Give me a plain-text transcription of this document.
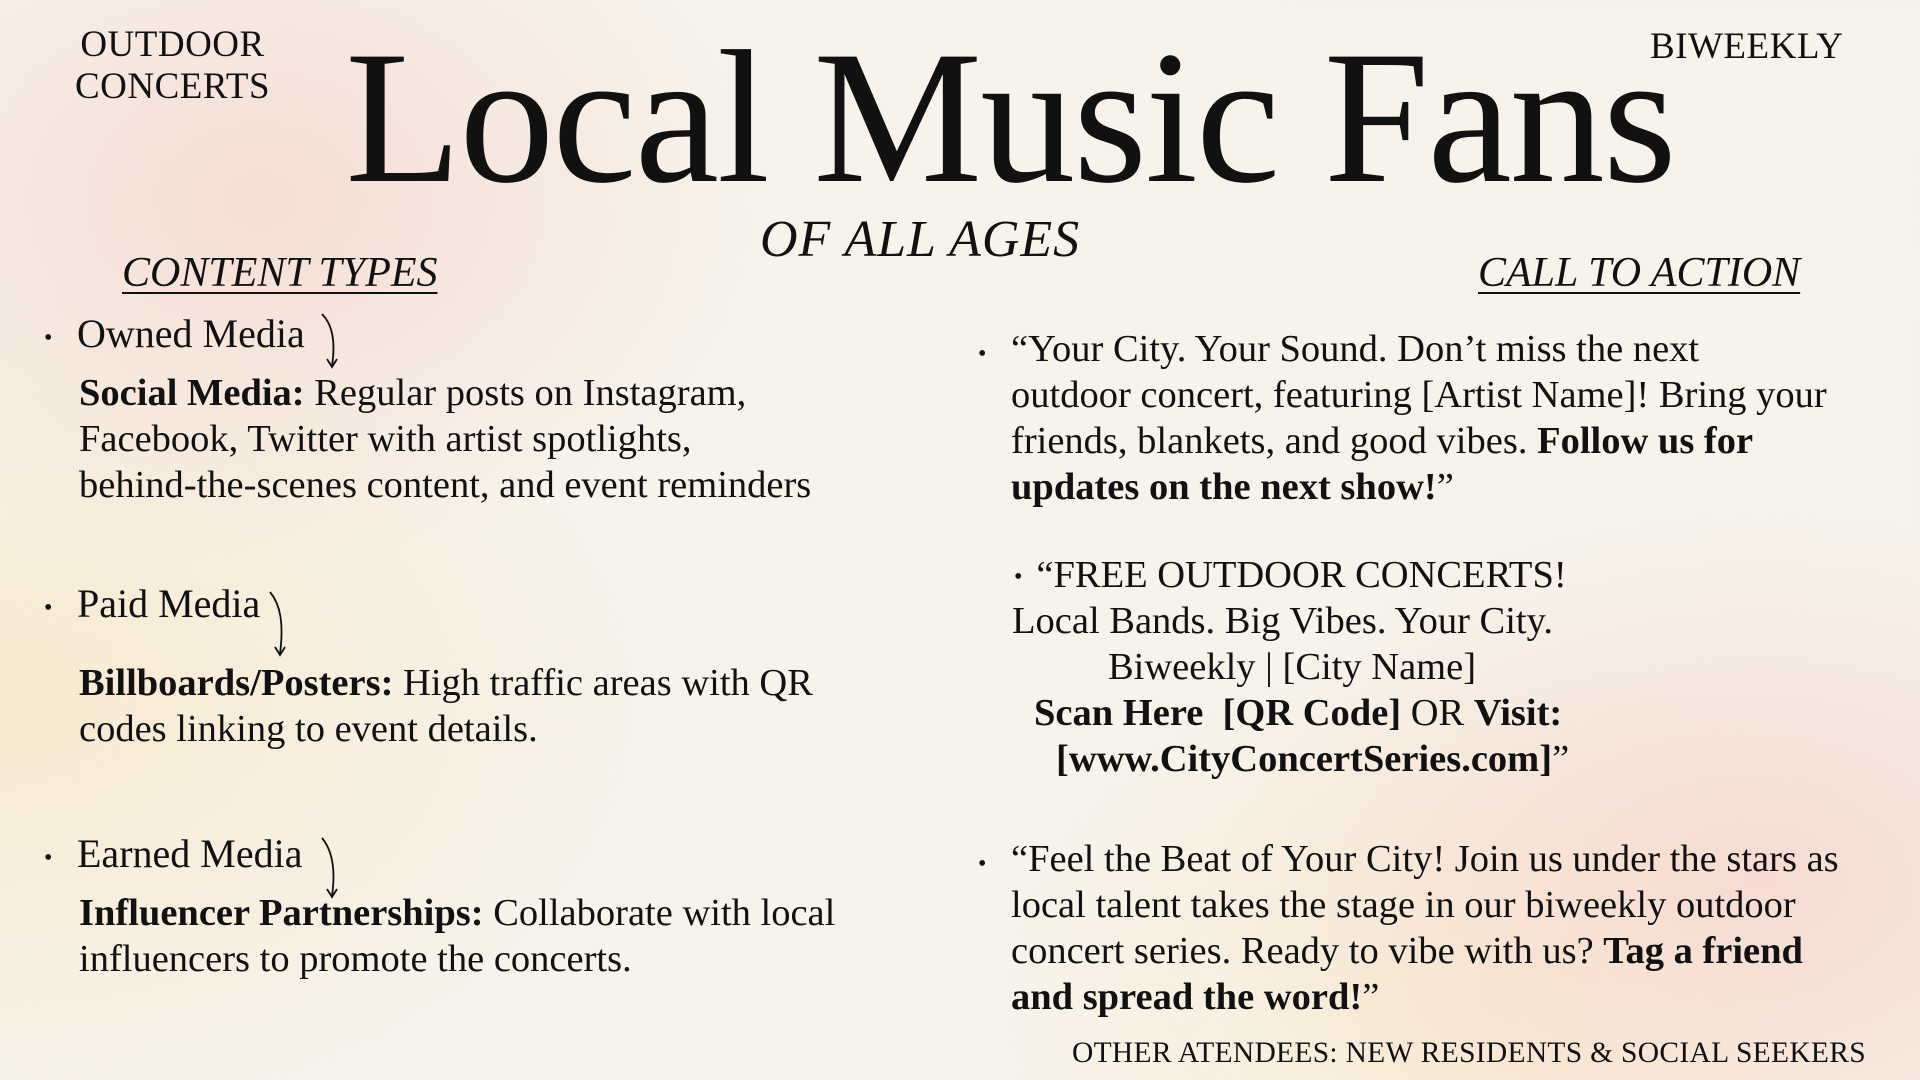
OUTDOOR
CONCERTS
BIWEEKLY
Local Music Fans
OF ALL AGES
CONTENT TYPES
• Owned Media
Social Media: Regular posts on Instagram,
Facebook, Twitter with artist spotlights,
behind-the-scenes content, and event reminders
• Paid Media
Billboards/Posters: High traffic areas with QR
codes linking to event details.
• Earned Media
Influencer Partnerships: Collaborate with local
influencers to promote the concerts.
CALL TO ACTION
• “Your City. Your Sound. Don’t miss the next
outdoor concert, featuring [Artist Name]! Bring your
friends, blankets, and good vibes. Follow us for
updates on the next show!”
• “FREE OUTDOOR CONCERTS!
Local Bands. Big Vibes. Your City.
Biweekly | [City Name]
Scan Here  [QR Code] OR Visit:
[www.CityConcertSeries.com]”
• “Feel the Beat of Your City! Join us under the stars as
local talent takes the stage in our biweekly outdoor
concert series. Ready to vibe with us? Tag a friend
and spread the word!”
OTHER ATENDEES: NEW RESIDENTS & SOCIAL SEEKERS
